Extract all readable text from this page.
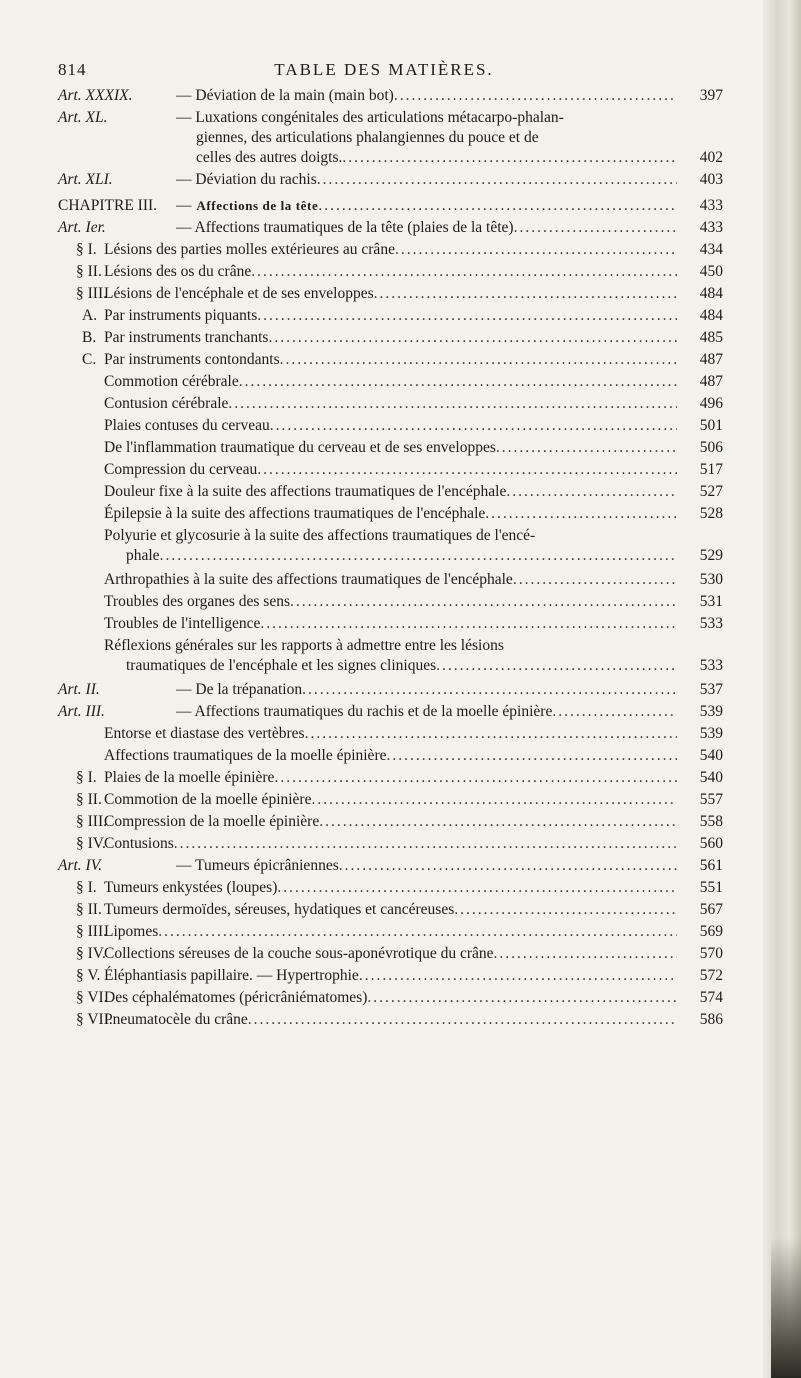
TABLE DES MATIÈRES.
814
Art. XXXIX.	— Déviation de la main (main bot) .....	397
Art. XL.	— Luxations congénitales des articulations métacarpo-phalan-
giennes, des articulations phalangiennes du pouce et de
celles des autres doigts. .....	402
Art. XLI.	— Déviation du rachis .....	403
CHAPITRE III.	— Affections de la tête .....	433
Art. Ier.	— Affections traumatiques de la tête (plaies de la tête) .....	433
§ I. Lésions des parties molles extérieures au crâne .....	434
§ II. Lésions des os du crâne .....	450
§ III.
Lésions de l'encéphale et de ses enveloppes .....	484
A. Par instruments piquants .....	484
B. Par instruments tranchants .....	485
C. Par instruments contondants .....	487
Commotion cérébrale .....	487
Contusion cérébrale .....	496
Plaies contuses du cerveau .....	501
De l'inflammation traumatique du cerveau et de ses enveloppes .....	506
Compression du cerveau .....	517
Douleur fixe à la suite des affections traumatiques de l'encéphale .....	527
Épilepsie à la suite des affections traumatiques de l'encéphale .....	528
Polyurie et glycosurie à la suite des affections traumatiques de l'encé-
phale .....	529
Arthropathies à la suite des affections traumatiques de l'encéphale .....	530
Troubles des organes des sens .....	531
Troubles de l'intelligence .....	533
Réflexions générales sur les rapports à admettre entre les lésions
traumatiques de l'encéphale et les signes cliniques .....	533
Art. II.	— De la trépanation .....	537
Art. III.	— Affections traumatiques du rachis et de la moelle épinière .....	539
Entorse et diastase des vertèbres .....	539
Affections traumatiques de la moelle épinière .....	540
§ I. Plaies de la moelle épinière .....	540
§ II. Commotion de la moelle épinière .....	557
§ III.
Compression de la moelle épinière .....	558
§ IV.
Contusions .....	560
Art. IV.	— Tumeurs épicrâniennes .....	561
§ I. Tumeurs enkystées (loupes) .....	551
§ II. Tumeurs dermoïdes, séreuses, hydatiques et cancéreuses .....	567
§ III.
Lipomes .....	569
§ IV.
Collections séreuses de la couche sous-aponévrotique du crâne .....	570
§ V. Éléphantiasis papillaire. — Hypertrophie .....	572
§ VI.
Des céphalématomes (péricrâniématomes) .....	574
§ VII.
Pneumatocèle du crâne .....	586
